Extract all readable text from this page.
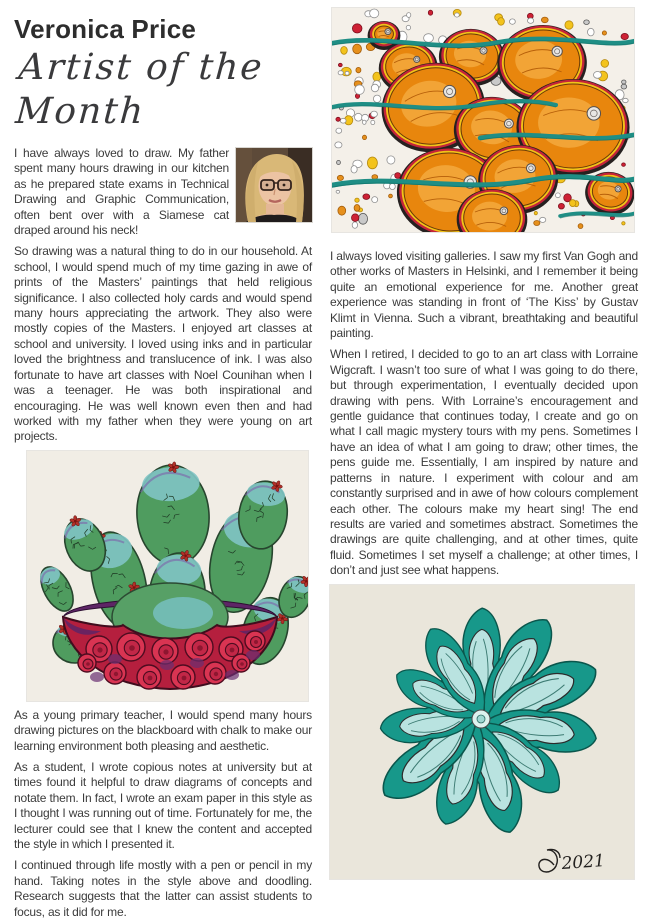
Veronica Price
Artist of the Month

I have always loved to draw. My father spent many hours drawing in our kitchen as he prepared state exams in Technical Drawing and Graphic Communication, often bent over with a Siamese cat draped around his neck!

So drawing was a natural thing to do in our household. At school, I would spend much of my time gazing in awe of prints of the Masters’ paintings that held religious significance. I also collected holy cards and would spend many hours appreciating the artwork. They also were mostly copies of the Masters. I enjoyed art classes at school and university. I loved using inks and in particular loved the brightness and translucence of ink. I was also fortunate to have art classes with Noel Counihan when I was a teenager. He was both inspirational and encouraging. He was well known even then and had worked with my father when they were young on art projects.

As a young primary teacher, I would spend many hours drawing pictures on the blackboard with chalk to make our learning environment both pleasing and aesthetic.

As a student, I wrote copious notes at university but at times found it helpful to draw diagrams of concepts and notate them. In fact, I wrote an exam paper in this style as I thought I was running out of time. Fortunately for me, the lecturer could see that I knew the content and accepted the style in which I presented it.

I continued through life mostly with a pen or pencil in my hand. Taking notes in the style above and doodling. Research suggests that the latter can assist students to focus, as it did for me.

I always loved visiting galleries. I saw my first Van Gogh and other works of Masters in Helsinki, and I remember it being quite an emotional experience for me. Another great experience was standing in front of ‘The Kiss’ by Gustav Klimt in Vienna. Such a vibrant, breathtaking and beautiful painting.

When I retired, I decided to go to an art class with Lorraine Wigcraft. I wasn’t too sure of what I was going to do there, but through experimentation, I eventually decided upon drawing with pens. With Lorraine’s encouragement and gentle guidance that continues today, I create and go on what I call magic mystery tours with my pens. Sometimes I have an idea of what I am going to draw; other times, the pens guide me. Essentially, I am inspired by nature and patterns in nature. I experiment with colour and am constantly surprised and in awe of how colours complement each other. The colours make my heart sing! The end results are varied and sometimes abstract. Sometimes the drawings are quite challenging, and at other times, quite fluid. Sometimes I set myself a challenge; at other times, I don’t and just see what happens.

2021
